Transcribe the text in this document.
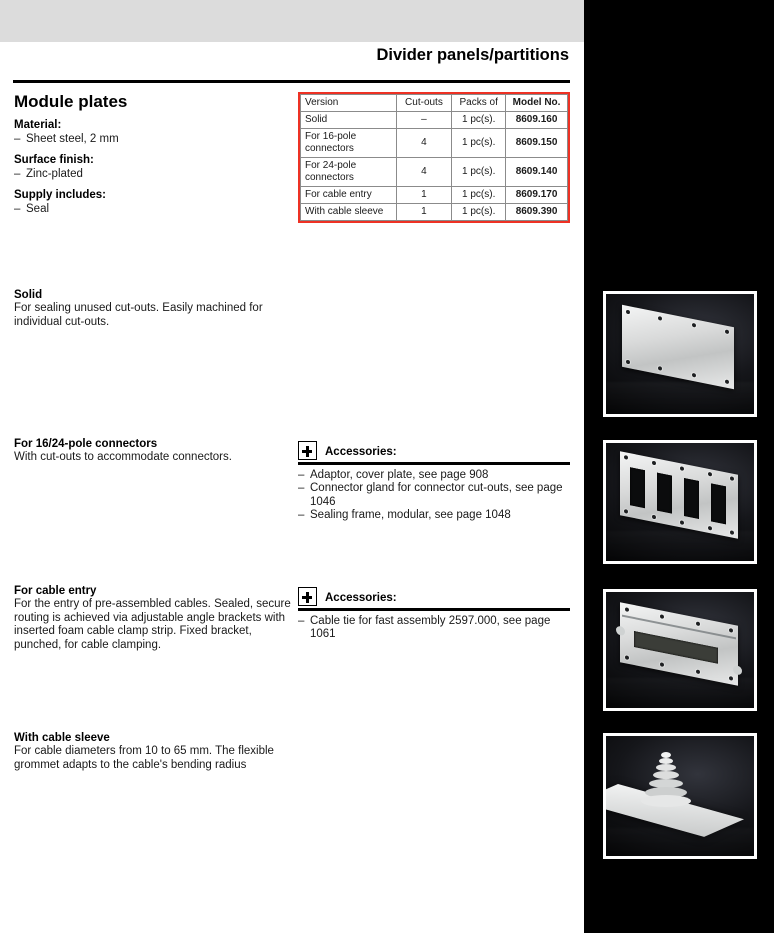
Divider panels/partitions
Module plates
Material:
– Sheet steel, 2 mm
Surface finish:
– Zinc-plated
Supply includes:
– Seal
Version	Cut-outs	Packs of	Model No.
Solid	–	1 pc(s).	8609.160
For 16-pole connectors	4	1 pc(s).	8609.150
For 24-pole connectors	4	1 pc(s).	8609.140
For cable entry	1	1 pc(s).	8609.170
With cable sleeve	1	1 pc(s).	8609.390
Solid

For sealing unused cut-outs. Easily machined for individual cut-outs.

For 16/24-pole connectors

With cut-outs to accommodate connectors.

For cable entry

For the entry of pre-assembled cables. Sealed, secure routing is achieved via adjustable angle brackets with inserted foam cable clamp strip. Fixed bracket, punched, for cable clamping.

With cable sleeve

For cable diameters from 10 to 65 mm. The flexible grommet adapts to the cable's bending radius

Accessories:
– Adaptor, cover plate, see page 908
– Connector gland for connector cut-outs, see page 1046
– Sealing frame, modular, see page 1048
Accessories:
– Cable tie for fast assembly 2597.000, see page 1061
